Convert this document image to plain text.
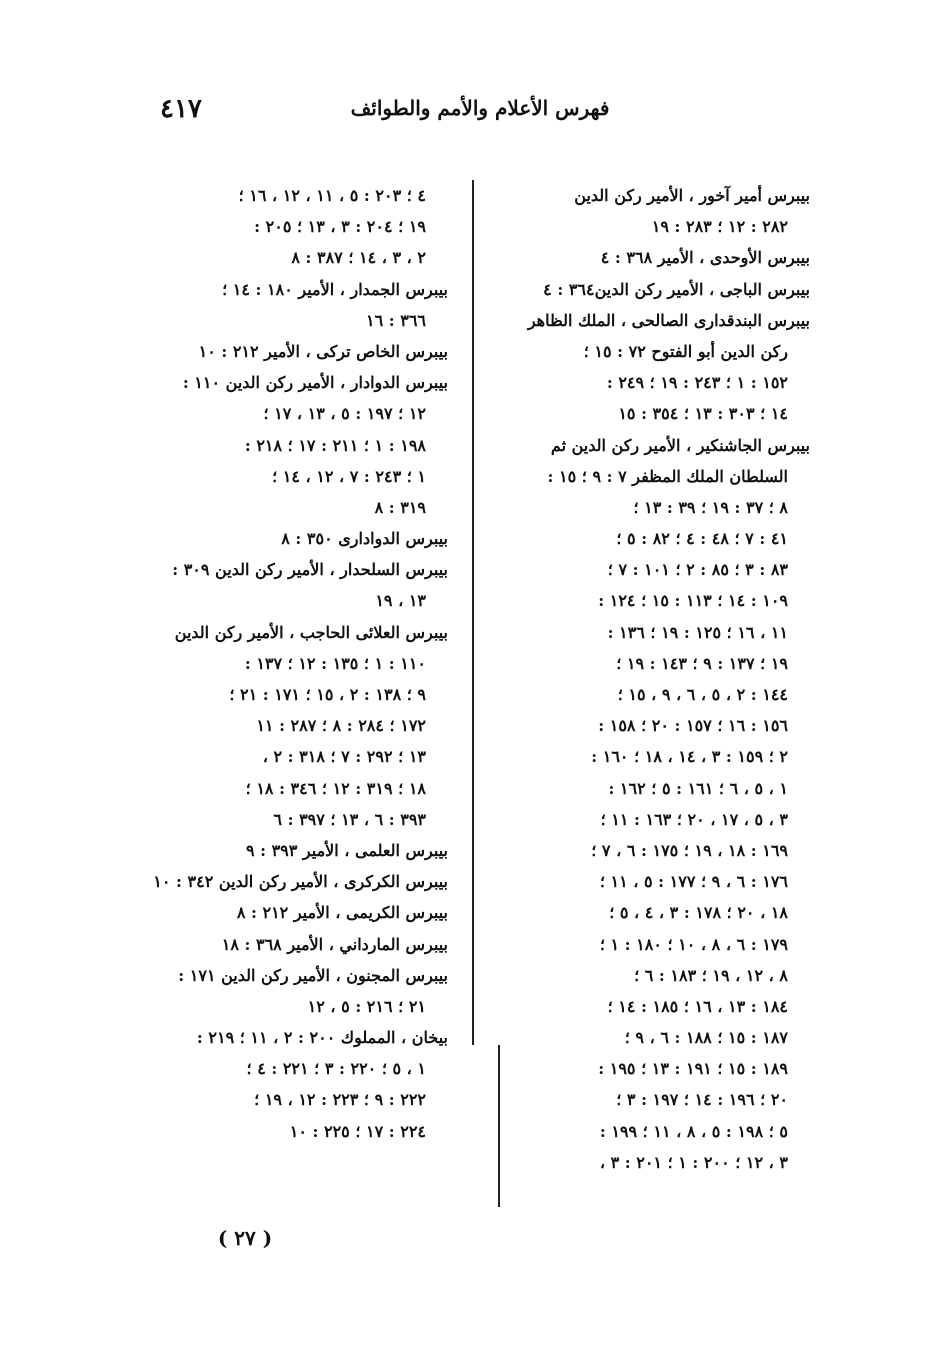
٤١٧	فهرس الأعلام والأمم والطوائف
بيبرس أمير آخور ، الأمير ركن الدين
٢٨٢ : ١٢ ؛ ٢٨٣ : ١٩
بيبرس الأوحدى ، الأمير ٣٦٨ : ٤
بيبرس الباجى ، الأمير ركن الدين٣٦٤ : ٤
بيبرس البندقدارى الصالحى ، الملك الظاهر
ركن الدين أبو الفتوح ٧٢ : ١٥ ؛
١٥٢ : ١ ؛ ٢٤٣ : ١٩ ؛ ٢٤٩ :
١٤ ؛ ٣٠٣ : ١٣ ؛ ٣٥٤ : ١٥
بيبرس الجاشنكير ، الأمير ركن الدين ثم
السلطان الملك المظفر ٧ : ٩ ؛ ١٥ :
٨ ؛ ٣٧ : ١٩ ؛ ٣٩ : ١٣ ؛
٤١ : ٧ ؛ ٤٨ : ٤ ؛ ٨٢ : ٥ ؛
٨٣ : ٣ ؛ ٨٥ : ٢ ؛ ١٠١ : ٧ ؛
١٠٩ : ١٤ ؛ ١١٣ : ١٥ ؛ ١٢٤ :
١١ ، ١٦ ؛ ١٢٥ : ١٩ ؛ ١٣٦ :
١٩ ؛ ١٣٧ : ٩ ؛ ١٤٣ : ١٩ ؛
١٤٤ : ٢ ، ٥ ، ٦ ، ٩ ، ١٥ ؛
١٥٦ : ١٦ ؛ ١٥٧ : ٢٠ ؛ ١٥٨ :
٢ ؛ ١٥٩ : ٣ ، ١٤ ، ١٨ ؛ ١٦٠ :
١ ، ٥ ، ٦ ؛ ١٦١ : ٥ ؛ ١٦٢ :
٣ ، ٥ ، ١٧ ، ٢٠ ؛ ١٦٣ : ١١ ؛
١٦٩ : ١٨ ، ١٩ ؛ ١٧٥ : ٦ ، ٧ ؛
١٧٦ : ٦ ، ٩ ؛ ١٧٧ : ٥ ، ١١ ؛
١٨ ، ٢٠ ؛ ١٧٨ : ٣ ، ٤ ، ٥ ؛
١٧٩ : ٦ ، ٨ ، ١٠ ؛ ١٨٠ : ١ ؛
٨ ، ١٢ ، ١٩ ؛ ١٨٣ : ٦ ؛
١٨٤ : ١٣ ، ١٦ ؛ ١٨٥ : ١٤ ؛
١٨٧ : ١٥ ؛ ١٨٨ : ٦ ، ٩ ؛
١٨٩ : ١٥ ؛ ١٩١ : ١٣ ؛ ١٩٥ :
٢٠ ؛ ١٩٦ : ١٤ ؛ ١٩٧ : ٣ ؛
٥ ؛ ١٩٨ : ٥ ، ٨ ، ١١ ؛ ١٩٩ :
٣ ، ١٢ ؛ ٢٠٠ : ١ ؛ ٢٠١ : ٣ ،
٤ ؛ ٢٠٣ : ٥ ، ١١ ، ١٢ ، ١٦ ؛
١٩ ؛ ٢٠٤ : ٣ ، ١٣ ؛ ٢٠٥ :
٢ ، ٣ ، ١٤ ؛ ٣٨٧ : ٨
بيبرس الجمدار ، الأمير ١٨٠ : ١٤ ؛
٣٦٦ : ١٦
بيبرس الخاص تركى ، الأمير ٢١٢ : ١٠
بيبرس الدوادار ، الأمير ركن الدين ١١٠ :
١٢ ؛ ١٩٧ : ٥ ، ١٣ ، ١٧ ؛
١٩٨ : ١ ؛ ٢١١ : ١٧ ؛ ٢١٨ :
١ ؛ ٢٤٣ : ٧ ، ١٢ ، ١٤ ؛
٣١٩ : ٨
بيبرس الدوادارى ٣٥٠ : ٨
بيبرس السلحدار ، الأمير ركن الدين ٣٠٩ :
١٣ ، ١٩
بيبرس العلائى الحاجب ، الأمير ركن الدين
١١٠ : ١ ؛ ١٣٥ : ١٢ ؛ ١٣٧ :
٩ ؛ ١٣٨ : ٢ ، ١٥ ؛ ١٧١ : ٢١ ؛
١٧٢ ؛ ٢٨٤ : ٨ ؛ ٢٨٧ : ١١
١٣ ؛ ٢٩٢ : ٧ ؛ ٣١٨ : ٢ ،
١٨ ؛ ٣١٩ : ١٢ ؛ ٣٤٦ : ١٨ ؛
٣٩٣ : ٦ ، ١٣ ؛ ٣٩٧ : ٦
بيبرس العلمى ، الأمير ٣٩٣ : ٩
بيبرس الكركرى ، الأمير ركن الدين ٣٤٢ : ١٠
بيبرس الكريمى ، الأمير ٢١٢ : ٨
بيبرس المارداني ، الأمير ٣٦٨ : ١٨
بيبرس المجنون ، الأمير ركن الدين ١٧١ :
٢١ ؛ ٢١٦ : ٥ ، ١٢
بيخان ، المملوك ٢٠٠ : ٢ ، ١١ ؛ ٢١٩ :
١ ، ٥ ؛ ٢٢٠ : ٣ ؛ ٢٢١ : ٤ ؛
٢٢٢ : ٩ ؛ ٢٢٣ : ١٢ ، ١٩ ؛
٢٢٤ : ١٧ ؛ ٢٢٥ : ١٠
( ٢٧ )
